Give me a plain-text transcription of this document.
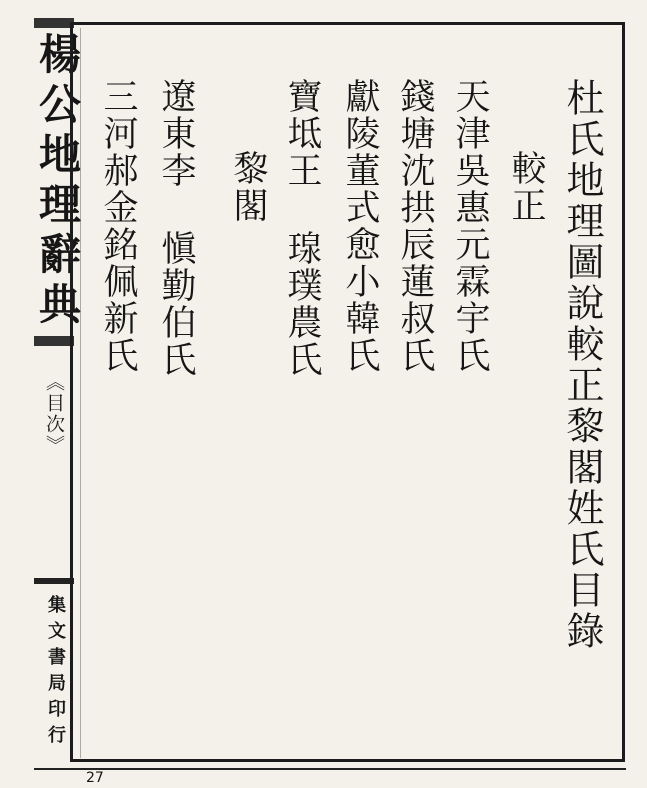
楊公地理辭典
《目次》
集文書局印行
杜氏地理圖說較正黎閣姓氏目錄
較正
天津吳惠元霖宇氏
錢塘沈拱辰蓮叔氏
獻陵董式愈小韓氏
寶坻王
瑔璞農氏
黎閣
遼東李
愼勤伯氏
三河郝金銘佩新氏
27
